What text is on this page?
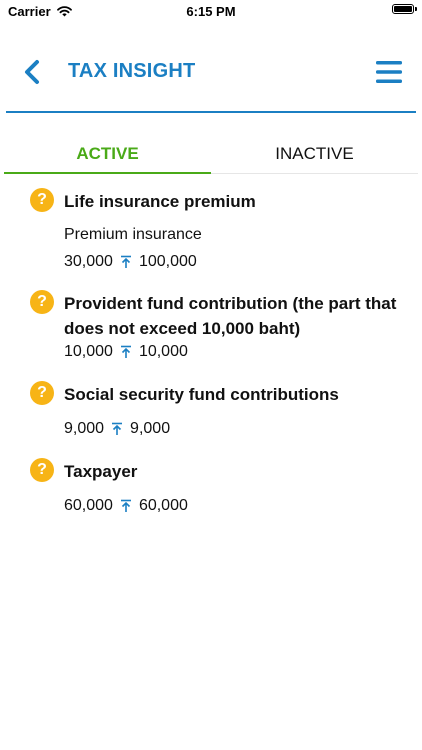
Carrier	6:15 PM
TAX INSIGHT
ACTIVE	INACTIVE
?	Life insurance premium
Premium insurance
30,000 100,000
?	Provident fund contribution (the part that does not exceed 10,000 baht)
10,000 10,000
?	Social security fund contributions
9,000 9,000
?	Taxpayer
60,000 60,000
